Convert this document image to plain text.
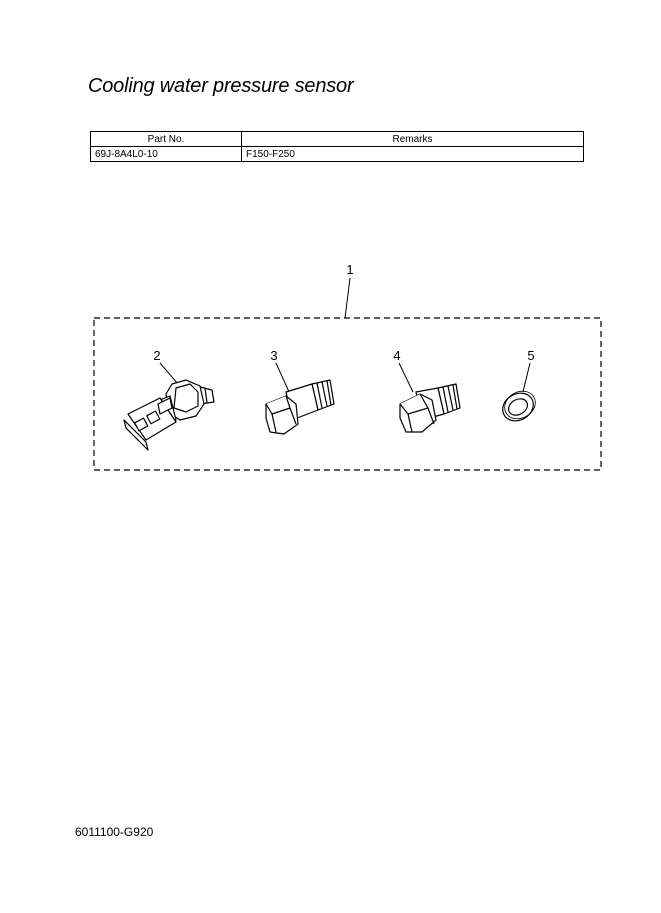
Cooling water pressure sensor
Part No.	Remarks
69J-8A4L0-10	F150-F250
1
2	3	4	5
6011100-G920
